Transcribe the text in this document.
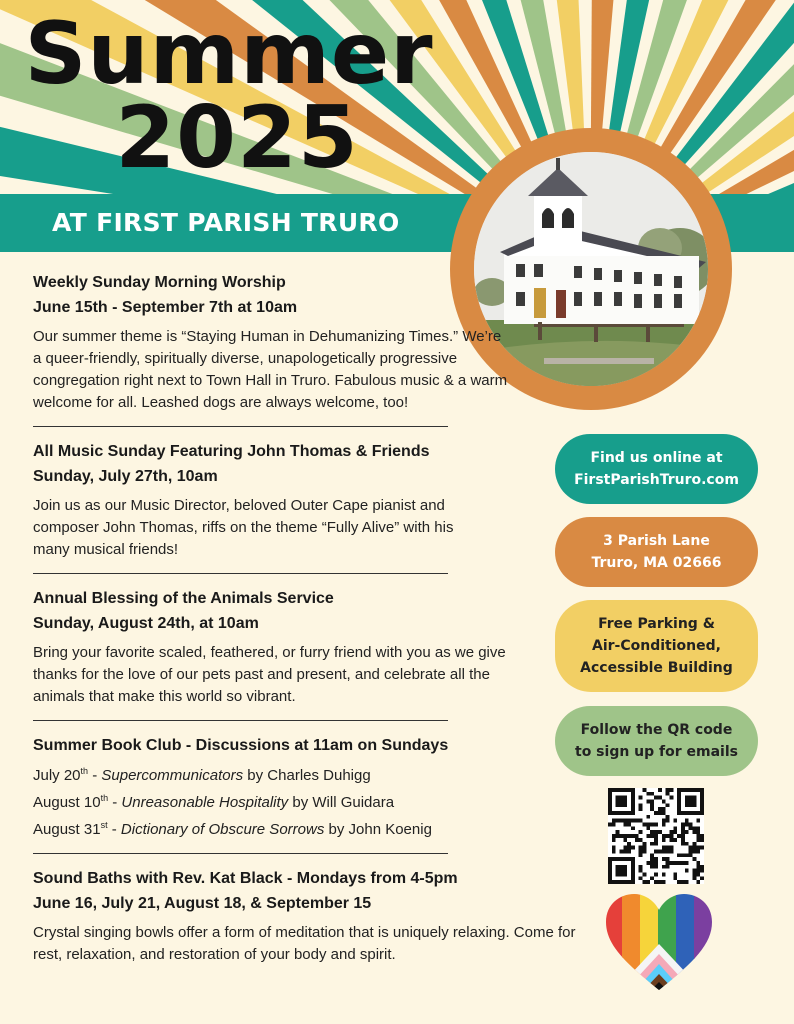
Summer
2025
AT FIRST PARISH TRURO
Weekly Sunday Morning Worship
June 15th - September 7th at 10am

Our summer theme is “Staying Human in Dehumanizing Times.” We’re a queer-friendly, spiritually diverse, unapologetically progressive congregation right next to Town Hall in Truro. Fabulous music & a warm welcome for all. Leashed dogs are always welcome, too!

All Music Sunday Featuring John Thomas & Friends
Sunday, July 27th, 10am

Join us as our Music Director, beloved Outer Cape pianist and composer John Thomas, riffs on the theme “Fully Alive” with his many musical friends!

Annual Blessing of the Animals Service
Sunday, August 24th, at 10am

Bring your favorite scaled, feathered, or furry friend with you as we give thanks for the love of our pets past and present, and celebrate all the animals that make this world so vibrant.

Summer Book Club - Discussions at 11am on Sundays
July 20th - Supercommunicators by Charles Duhigg
August 10th - Unreasonable Hospitality by Will Guidara
August 31st - Dictionary of Obscure Sorrows by John Koenig
Sound Baths with Rev. Kat Black - Mondays from 4-5pm
June 16, July 21, August 18, & September 15

Crystal singing bowls offer a form of meditation that is uniquely relaxing. Come for rest, relaxation, and restoration of your body and spirit.

Find us online at
FirstParishTruro.com
3 Parish Lane
Truro, MA 02666
Free Parking &
Air-Conditioned,
Accessible Building
Follow the QR code
to sign up for emails
